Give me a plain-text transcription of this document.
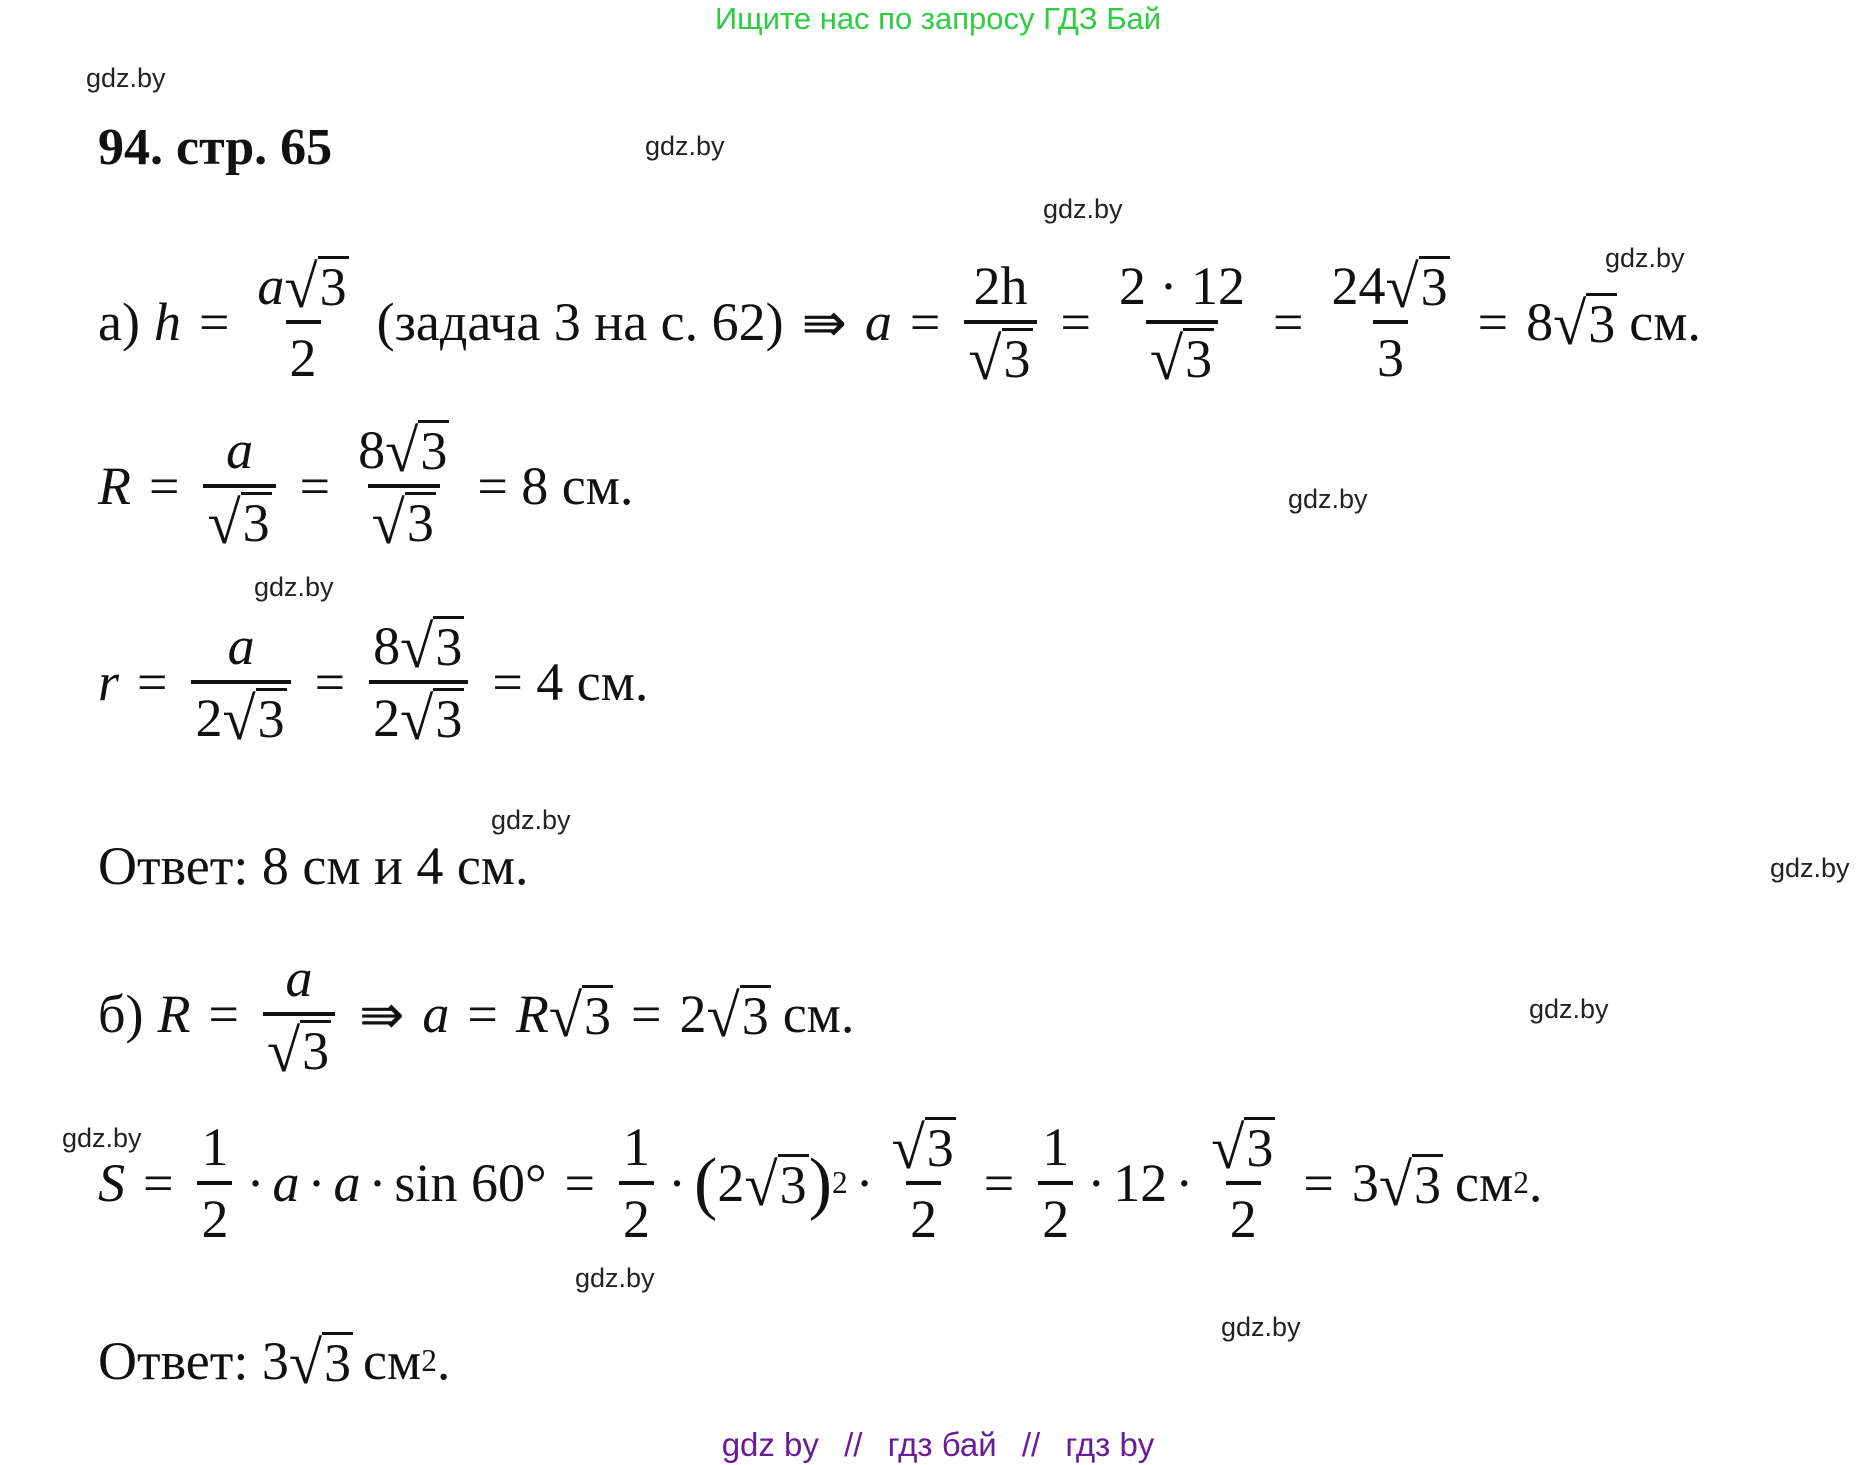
Ищите нас по запросу ГДЗ Бай
gdz.by
gdz.by
gdz.by
gdz.by
gdz.by
gdz.by
gdz.by
gdz.by
gdz.by
gdz.by
gdz.by
gdz.by
94. стр. 65
а) $h = \frac{a √ 3}{2}$ (задача 3 на с. 62) ⇛ $a = \frac{2h}{√ 3} = \frac{2 \cdot 12}{√ 3} = \frac{24 √ 3}{3} = 8$ √ 3 см.
$R = \frac{a}{√ 3} = \frac{8 √ 3}{√ 3} = 8$ см.
$r = \frac{a}{2 √ 3} = \frac{8 √ 3}{2 √ 3} = 4$ см.
Ответ: 8 см и 4 см.
б) $R = \frac{a}{√ 3}$ ⇛ a = R √ 3 = 2 √ 3 см.
$S = \frac{1}{2} \cdot a \cdot a \cdot \sin 60^\circ = \frac{1}{2}$ · ( 2 √ 3 ) $2 \cdot \frac{√ 3}{2} = \frac{1}{2} \cdot 12 \cdot \frac{√ 3}{2} = 3$ √ 3 см 2 .
Ответ: 3 √ 3 см 2 .
gdz by // гдз бай // гдз by
